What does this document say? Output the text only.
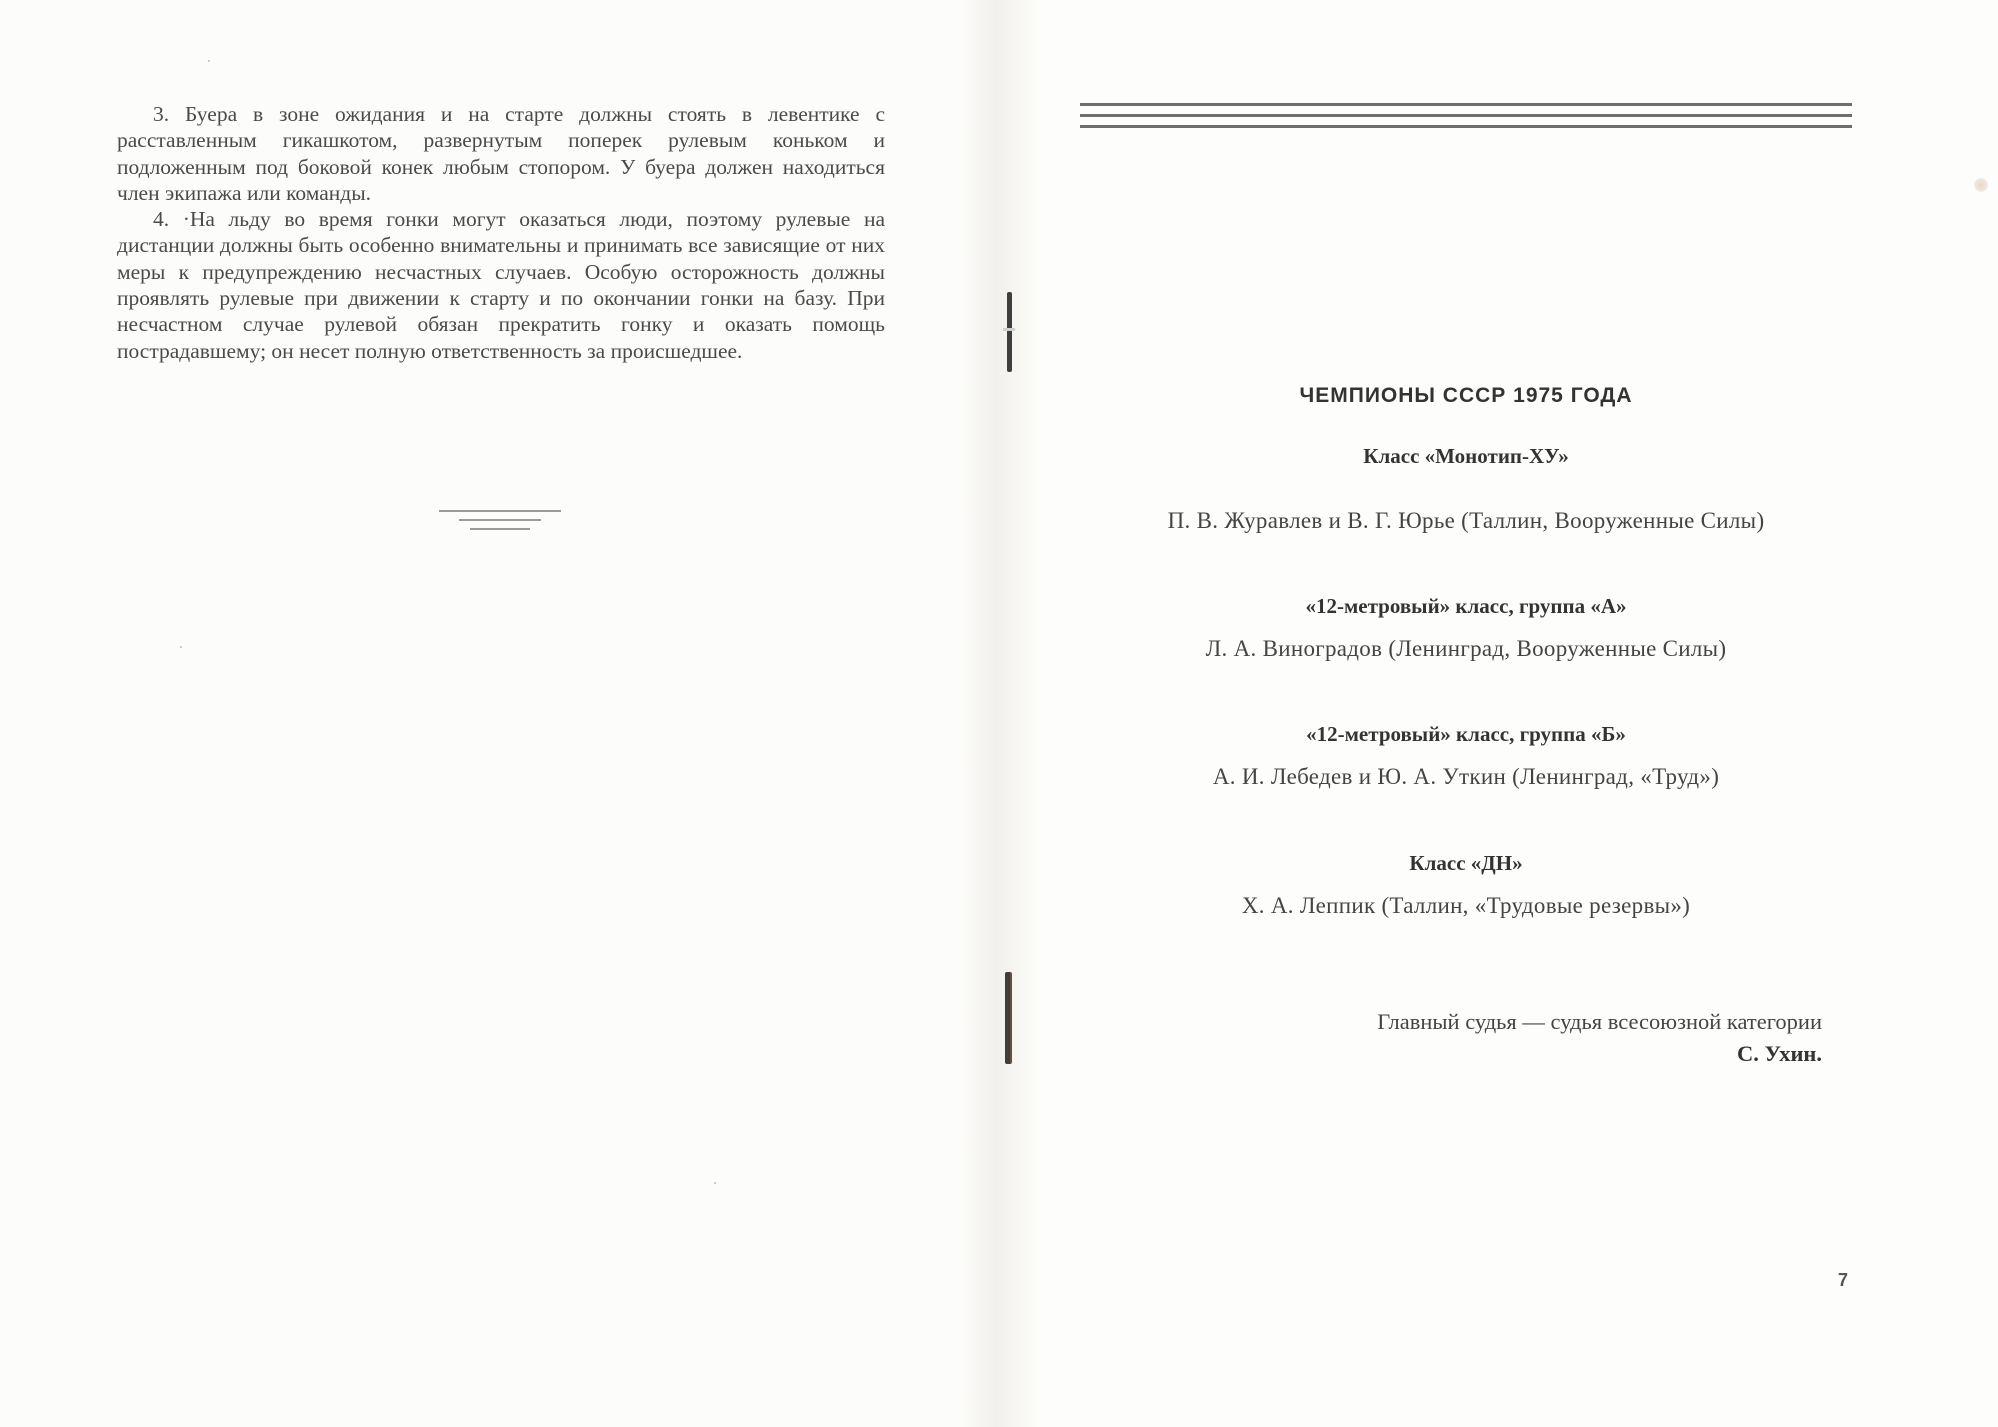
3. Буера в зоне ожидания и на старте должны стоять в левентике с расставленным гикашкотом, развернутым поперек рулевым коньком и подложенным под боковой конек любым стопором. У буера должен находиться член экипажа или команды.

4. ·На льду во время гонки могут оказаться люди, поэтому рулевые на дистанции должны быть особенно внимательны и принимать все зависящие от них меры к предупреждению несчастных случаев. Особую осторожность должны проявлять рулевые при движении к старту и по окончании гонки на базу. При несчастном случае рулевой обязан прекратить гонку и оказать помощь пострадавшему; он несет полную ответственность за происшедшее.

ЧЕМПИОНЫ СССР 1975 ГОДА
Класс «Монотип-ХУ»
П. В. Журавлев и В. Г. Юрье (Таллин, Вооруженные Силы)
«12-метровый» класс, группа «А»
Л. А. Виноградов (Ленинград, Вооруженные Силы)
«12-метровый» класс, группа «Б»
А. И. Лебедев и Ю. А. Уткин (Ленинград, «Труд»)
Класс «ДН»
Х. А. Леппик (Таллин, «Трудовые резервы»)
Главный судья — судья всесоюзной категории
С. Ухин.
7
